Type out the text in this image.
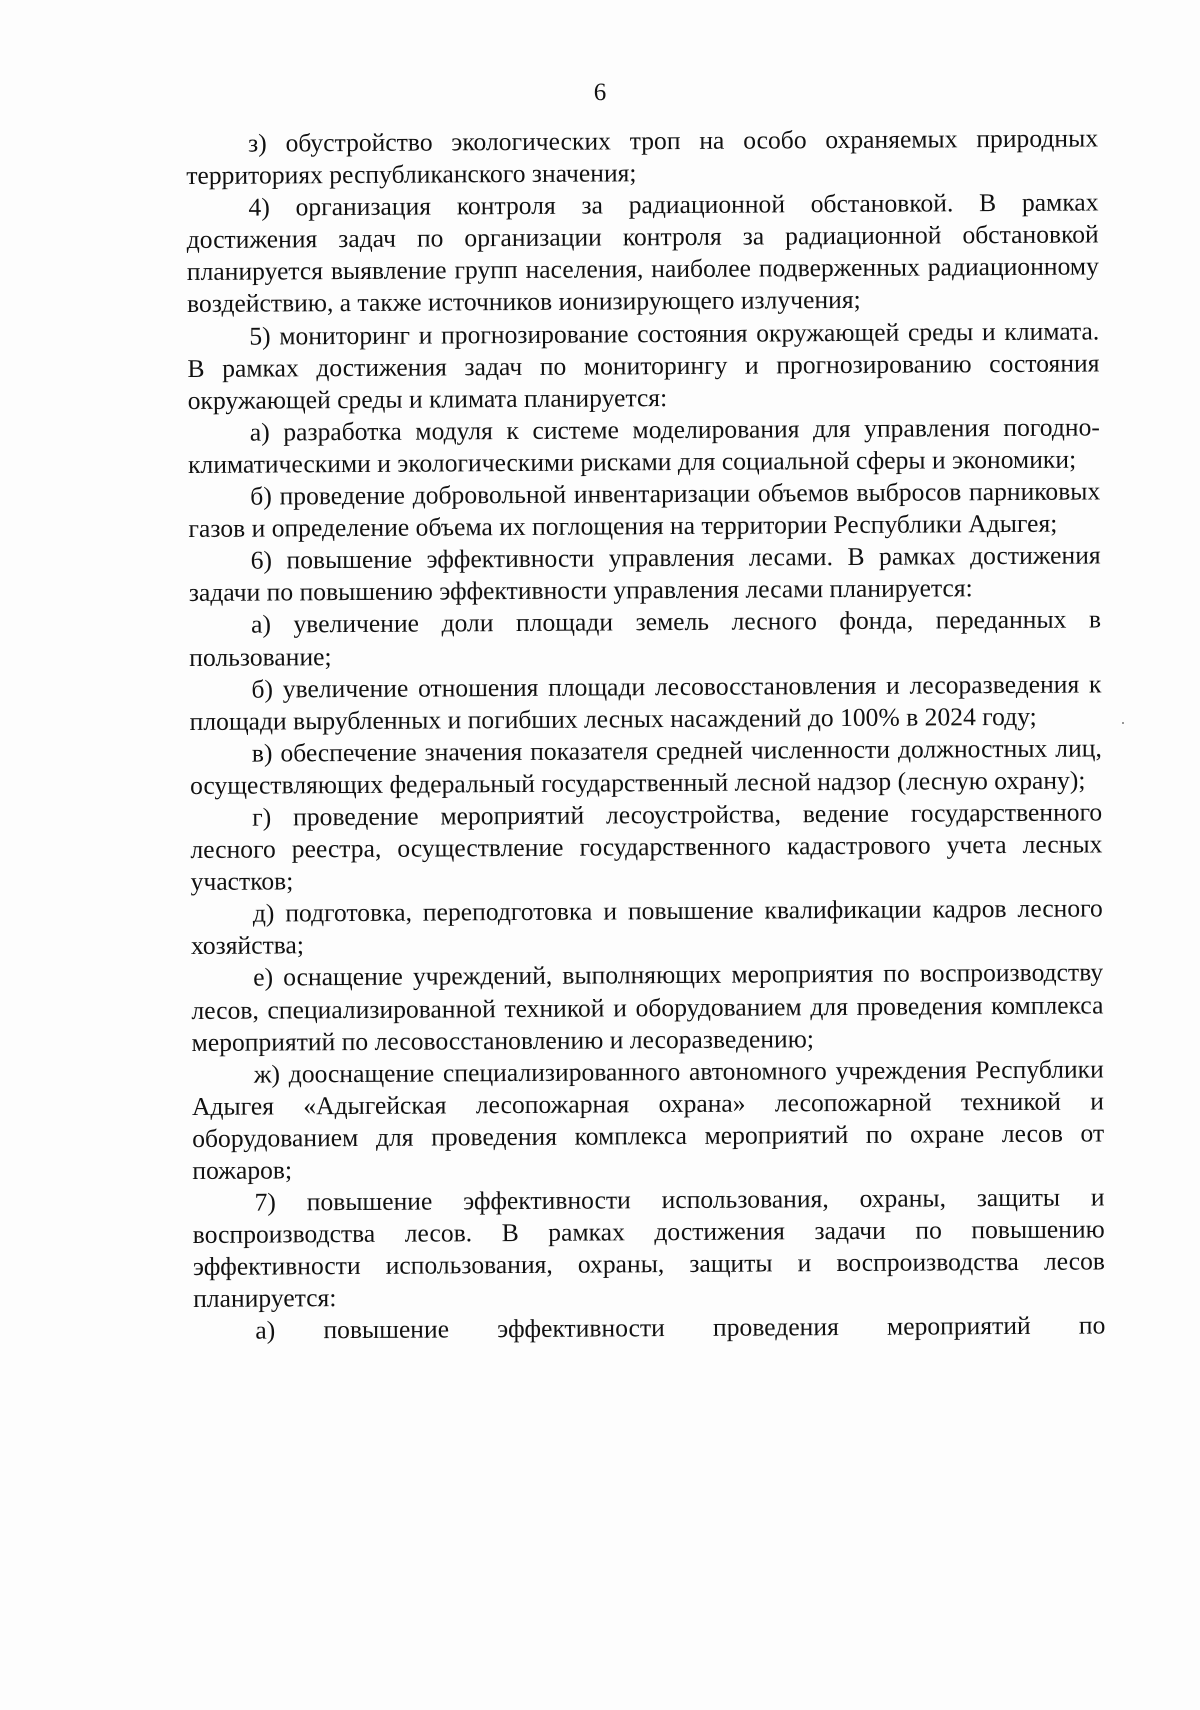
6

з) обустройство экологических троп на особо охраняемых природных территориях республиканского значения;

4) организация контроля за радиационной обстановкой. В рамках достижения задач по организации контроля за радиационной обстановкой планируется выявление групп населения, наиболее подверженных радиационному воздействию, а также источников ионизирующего излучения;

5) мониторинг и прогнозирование состояния окружающей среды и климата. В рамках достижения задач по мониторингу и прогнозированию состояния окружающей среды и климата планируется:

а) разработка модуля к системе моделирования для управления погодно-климатическими и экологическими рисками для социальной сферы и экономики;

б) проведение добровольной инвентаризации объемов выбросов парниковых газов и определение объема их поглощения на территории Республики Адыгея;

6) повышение эффективности управления лесами. В рамках достижения задачи по повышению эффективности управления лесами планируется:

а) увеличение доли площади земель лесного фонда, переданных в пользование;

б) увеличение отношения площади лесовосстановления и лесоразведения к площади вырубленных и погибших лесных насаждений до 100% в 2024 году;

в) обеспечение значения показателя средней численности должностных лиц, осуществляющих федеральный государственный лесной надзор (лесную охрану);

г) проведение мероприятий лесоустройства, ведение государственного лесного реестра, осуществление государственного кадастрового учета лесных участков;

д) подготовка, переподготовка и повышение квалификации кадров лесного хозяйства;

е) оснащение учреждений, выполняющих мероприятия по воспроизводству лесов, специализированной техникой и оборудованием для проведения комплекса мероприятий по лесовосстановлению и лесоразведению;

ж) дооснащение специализированного автономного учреждения Республики Адыгея «Адыгейская лесопожарная охрана» лесопожарной техникой и оборудованием для проведения комплекса мероприятий по охране лесов от пожаров;

7) повышение эффективности использования, охраны, защиты и воспроизводства лесов. В рамках достижения задачи по повышению эффективности использования, охраны, защиты и воспроизводства лесов планируется:

а) повышение эффективности проведения мероприятий по
